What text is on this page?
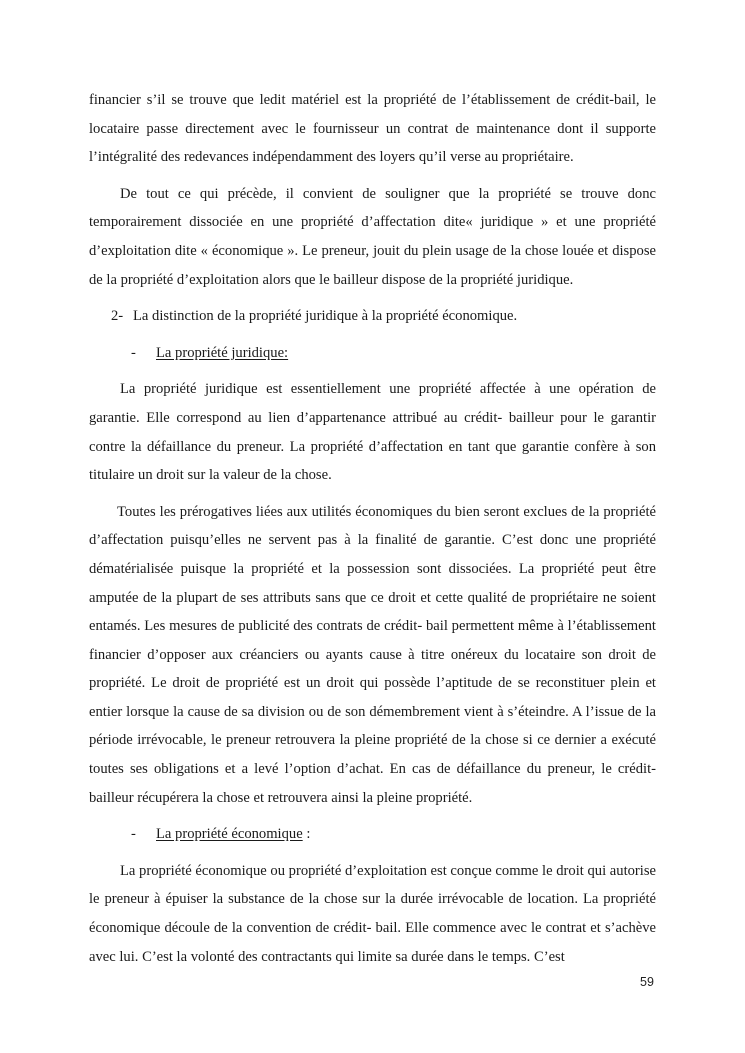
financier s’il se trouve que ledit matériel est la propriété de l’établissement de crédit-bail, le locataire passe directement avec le fournisseur un contrat de maintenance dont il supporte l’intégralité des redevances indépendamment des loyers qu’il verse au propriétaire.

De tout ce qui précède, il convient de souligner que la propriété se trouve donc temporairement dissociée en une propriété d’affectation dite« juridique » et une propriété d’exploitation dite « économique ». Le preneur, jouit du plein usage de la chose louée et dispose de la propriété d’exploitation alors que le bailleur dispose de la propriété juridique.

2- La distinction de la propriété juridique à la propriété économique.

- La propriété juridique:

La propriété juridique est essentiellement une propriété affectée à une opération de garantie. Elle correspond au lien d’appartenance attribué au crédit- bailleur pour le garantir contre la défaillance du preneur. La propriété d’affectation en tant que garantie confère à son titulaire un droit sur la valeur de la chose.

Toutes les prérogatives liées aux utilités économiques du bien seront exclues de la propriété d’affectation puisqu’elles ne servent pas à la finalité de garantie. C’est donc une propriété dématérialisée puisque la propriété et la possession sont dissociées. La propriété peut être amputée de la plupart de ses attributs sans que ce droit et cette qualité de propriétaire ne soient entamés. Les mesures de publicité des contrats de crédit- bail permettent même à l’établissement financier d’opposer aux créanciers ou ayants cause à titre onéreux du locataire son droit de propriété. Le droit de propriété est un droit qui possède l’aptitude de se reconstituer plein et entier lorsque la cause de sa division ou de son démembrement vient à s’éteindre. A l’issue de la période irrévocable, le preneur retrouvera la pleine propriété de la chose si ce dernier a exécuté toutes ses obligations et a levé l’option d’achat. En cas de défaillance du preneur, le crédit- bailleur récupérera la chose et retrouvera ainsi la pleine propriété.

- La propriété économique :

La propriété économique ou propriété d’exploitation est conçue comme le droit qui autorise le preneur à épuiser la substance de la chose sur la durée irrévocable de location. La propriété économique découle de la convention de crédit- bail. Elle commence avec le contrat et s’achève avec lui. C’est la volonté des contractants qui limite sa durée dans le temps. C’est

59
